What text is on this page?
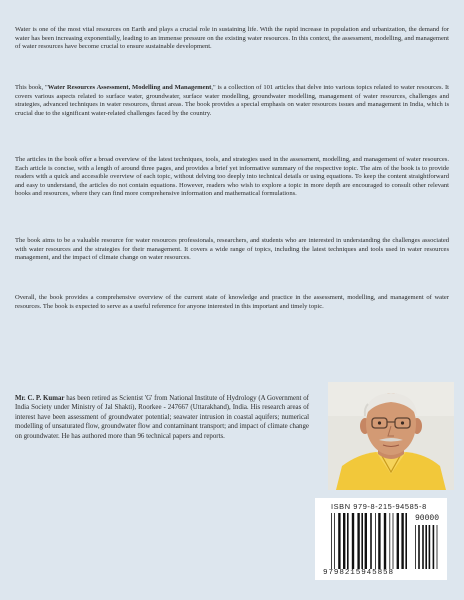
Water is one of the most vital resources on Earth and plays a crucial role in sustaining life. With the rapid increase in population and urbanization, the demand for water has been increasing exponentially, leading to an immense pressure on the existing water resources. In this context, the assessment, modelling, and management of water resources have become crucial to ensure sustainable development.

This book, "Water Resources Assessment, Modelling and Management," is a collection of 101 articles that delve into various topics related to water resources. It covers various aspects related to surface water, groundwater, surface water modelling, groundwater modelling, management of water resources, challenges and strategies, advanced techniques in water resources, thrust areas. The book provides a special emphasis on water resources issues and management in India, which is crucial due to the significant water-related challenges faced by the country.

The articles in the book offer a broad overview of the latest techniques, tools, and strategies used in the assessment, modelling, and management of water resources. Each article is concise, with a length of around three pages, and provides a brief yet informative summary of the respective topic. The aim of the book is to provide readers with a quick and accessible overview of each topic, without delving too deeply into technical details or using equations. To keep the content straightforward and easy to understand, the articles do not contain equations. However, readers who wish to explore a topic in more depth are encouraged to consult other relevant books and resources, where they can find more comprehensive information and mathematical formulations.

The book aims to be a valuable resource for water resources professionals, researchers, and students who are interested in understanding the challenges associated with water resources and the strategies for their management. It covers a wide range of topics, including the latest techniques and tools used in water resources management, and the impact of climate change on water resources.

Overall, the book provides a comprehensive overview of the current state of knowledge and practice in the assessment, modelling, and management of water resources. The book is expected to serve as a useful reference for anyone interested in this important and timely topic.

Mr. C. P. Kumar has been retired as Scientist 'G' from National Institute of Hydrology (A Government of India Society under Ministry of Jal Shakti), Roorkee - 247667 (Uttarakhand), India. His research areas of interest have been assessment of groundwater potential; seawater intrusion in coastal aquifers; numerical modelling of unsaturated flow, groundwater flow and contaminant transport; and impact of climate change on groundwater. He has authored more than 96 technical papers and reports.

ISBN 979-8-215-94585-8
90000
9798215945858
